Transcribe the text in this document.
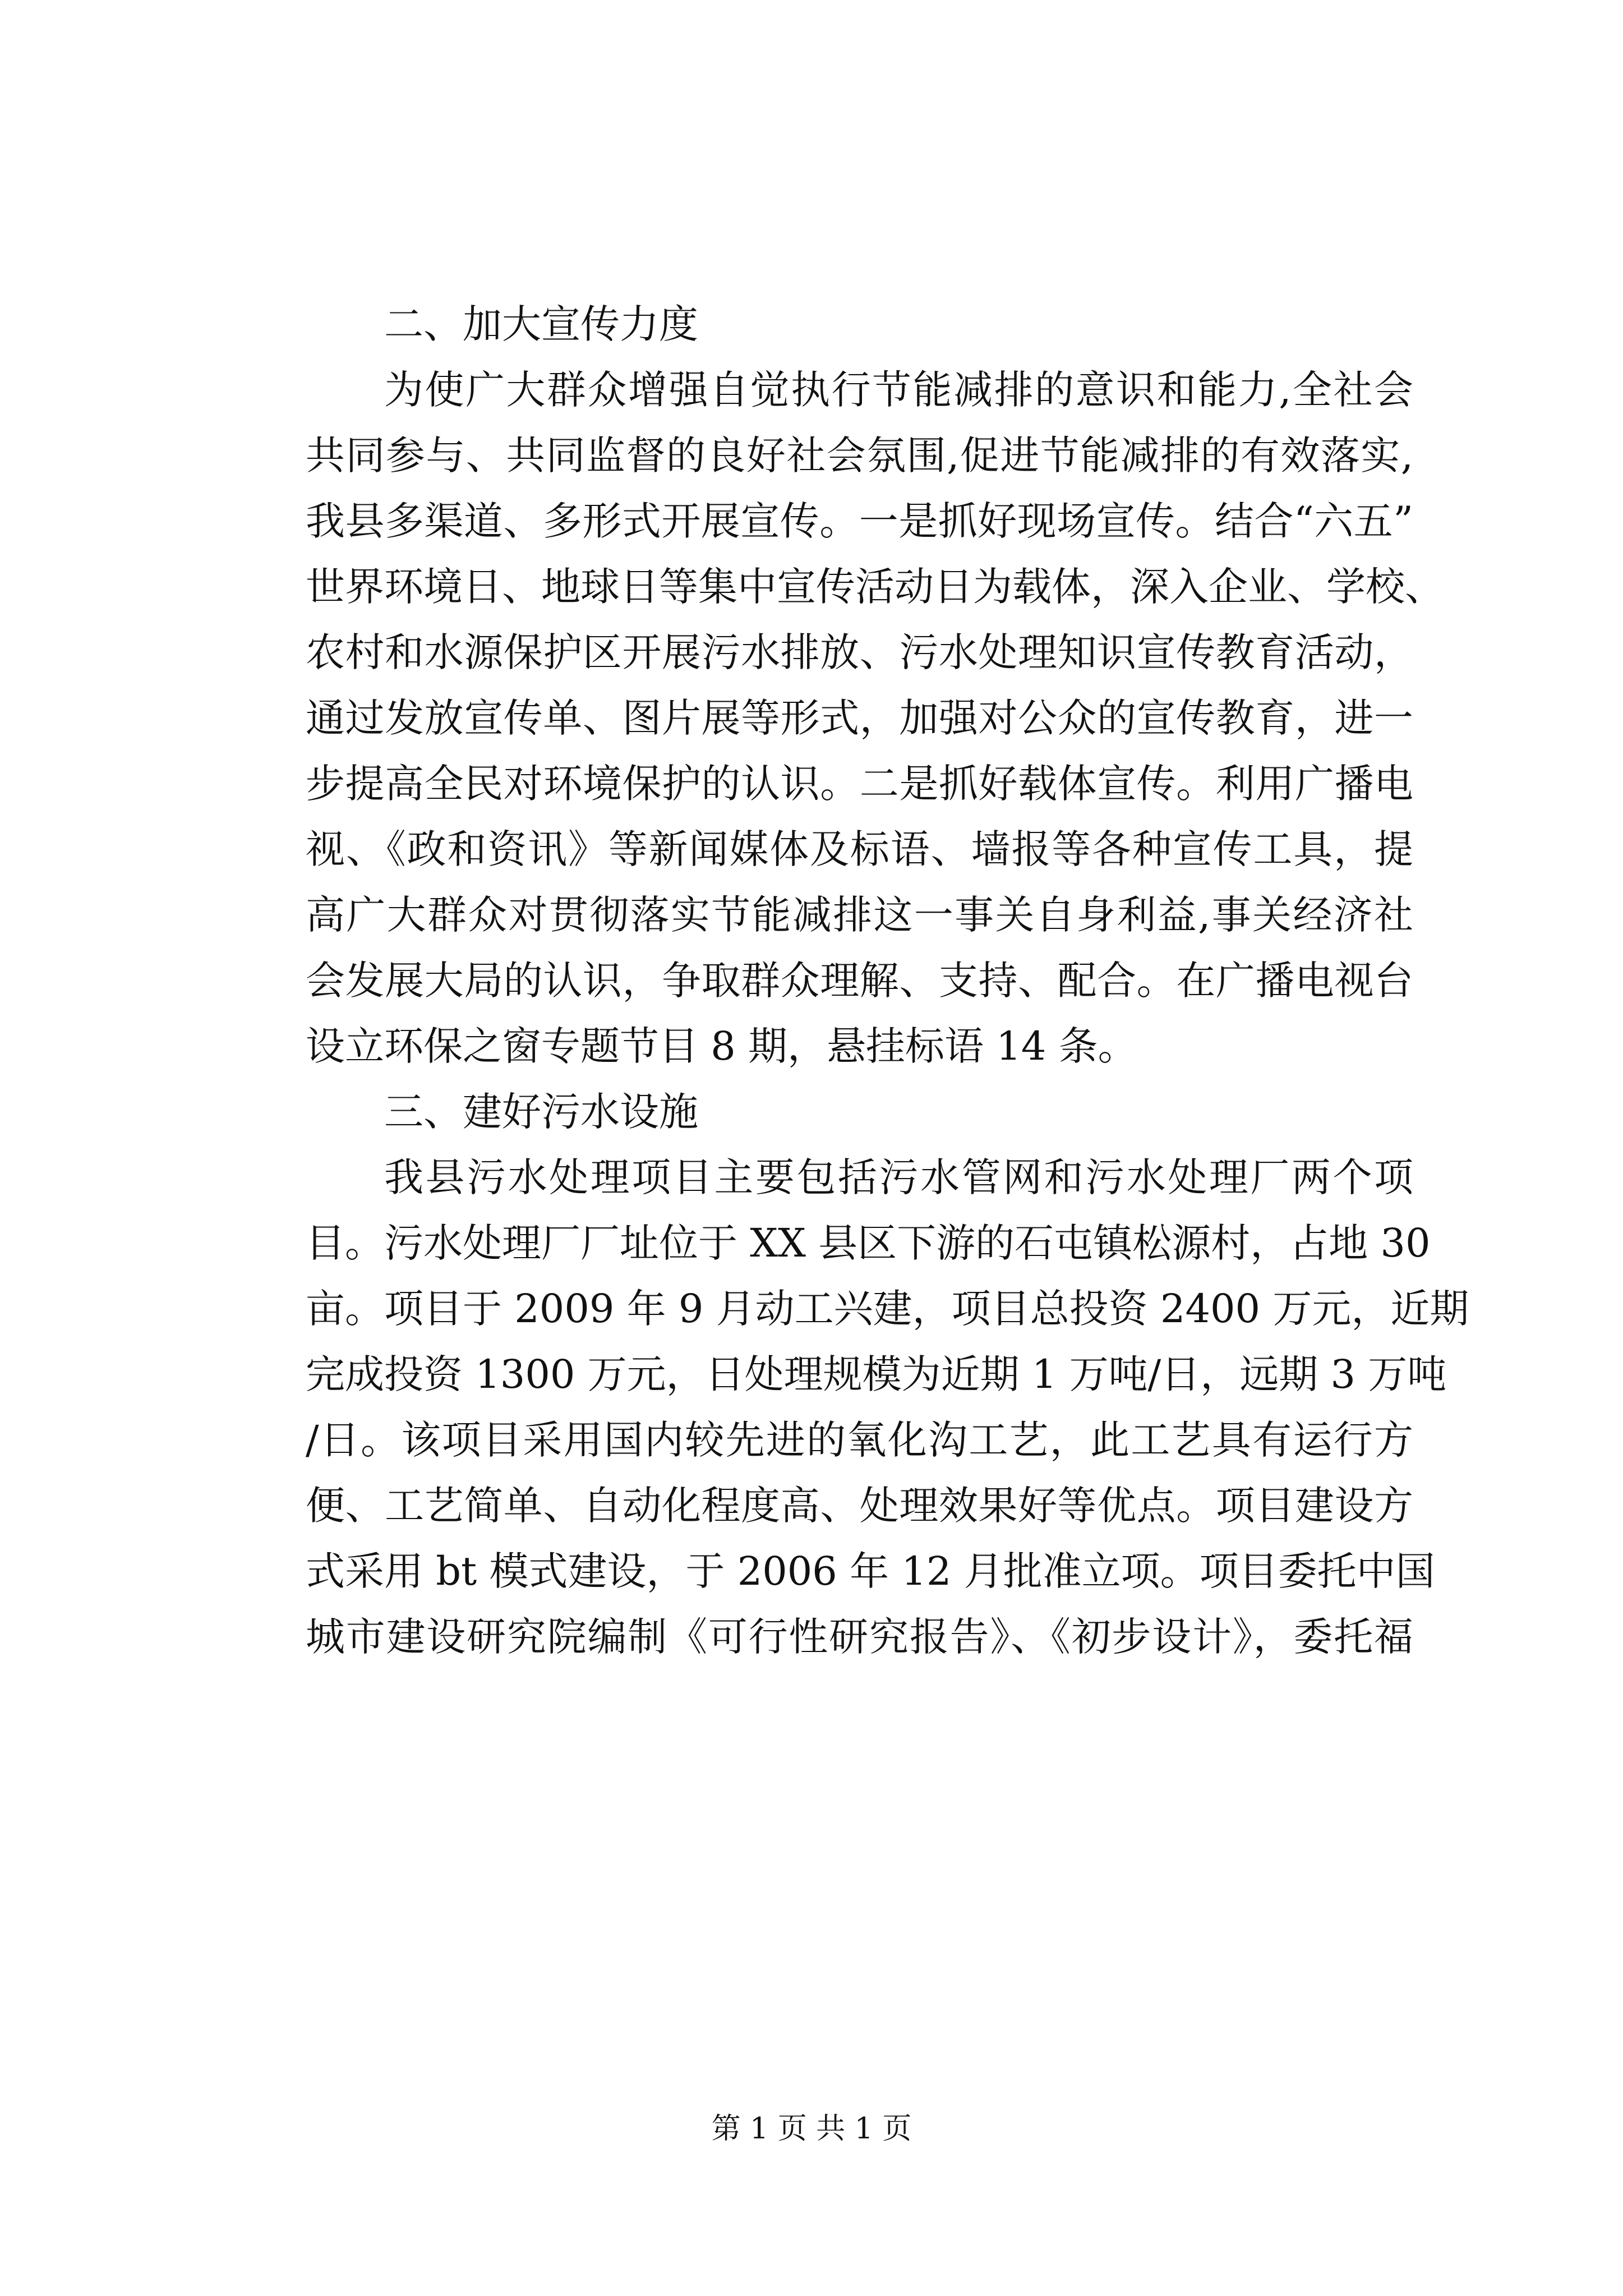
二、加大宣传力度
为使广大群众增强自觉执行节能减排的意识和能力,全社会
共同参与、共同监督的良好社会氛围,促进节能减排的有效落实,
我县多渠道、多形式开展宣传。一是抓好现场宣传。结合“六五”
世界环境日、地球日等集中宣传活动日为载体，深入企业、学校、
农村和水源保护区开展污水排放、污水处理知识宣传教育活动，
通过发放宣传单、图片展等形式，加强对公众的宣传教育，进一
步提高全民对环境保护的认识。二是抓好载体宣传。利用广播电
视、《政和资讯》等新闻媒体及标语、墙报等各种宣传工具，提
高广大群众对贯彻落实节能减排这一事关自身利益,事关经济社
会发展大局的认识，争取群众理解、支持、配合。在广播电视台
设立环保之窗专题节目 8 期，悬挂标语 14 条。
三、建好污水设施
我县污水处理项目主要包括污水管网和污水处理厂两个项
目。污水处理厂厂址位于 XX 县区下游的石屯镇松源村，占地 30
亩。项目于 2009 年 9 月动工兴建，项目总投资 2400 万元，近期
完成投资 1300 万元，日处理规模为近期 1 万吨/日，远期 3 万吨
/日。该项目采用国内较先进的氧化沟工艺，此工艺具有运行方
便、工艺简单、自动化程度高、处理效果好等优点。项目建设方
式采用 bt 模式建设，于 2006 年 12 月批准立项。项目委托中国
城市建设研究院编制《可行性研究报告》、《初步设计》，委托福
第 1 页 共 1 页
